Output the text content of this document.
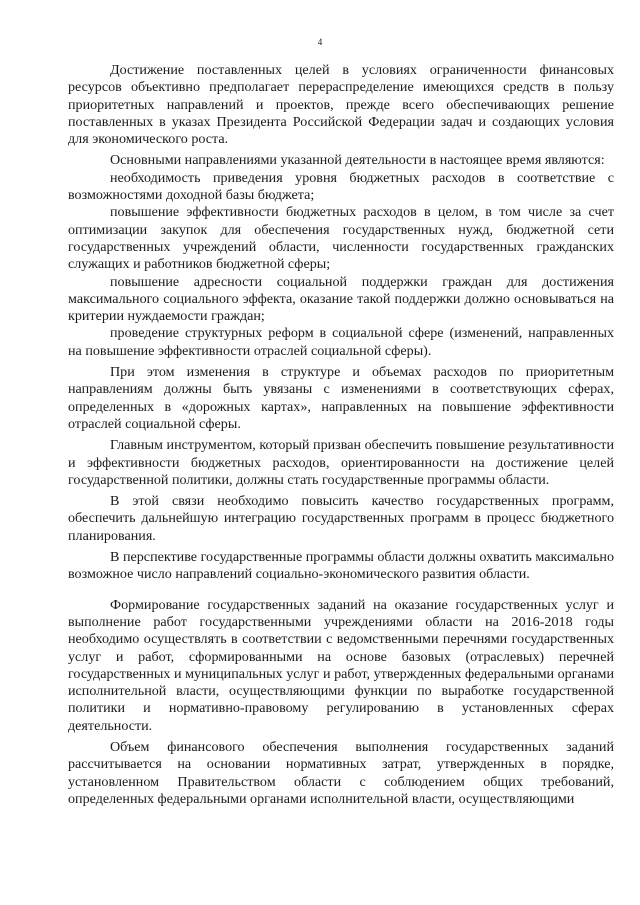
4

Достижение поставленных целей в условиях ограниченности финансовых ресурсов объективно предполагает перераспределение имеющихся средств в пользу приоритетных направлений и проектов, прежде всего обеспечивающих решение поставленных в указах Президента Российской Федерации задач и создающих условия для экономического роста.

Основными направлениями указанной деятельности в настоящее время являются:

необходимость приведения уровня бюджетных расходов в соответствие с возможностями доходной базы бюджета;

повышение эффективности бюджетных расходов в целом, в том числе за счет оптимизации закупок для обеспечения государственных нужд, бюджетной сети государственных учреждений области, численности государственных гражданских служащих и работников бюджетной сферы;

повышение адресности социальной поддержки граждан для достижения максимального социального эффекта, оказание такой поддержки должно основываться на критерии нуждаемости граждан;

проведение структурных реформ в социальной сфере (изменений, направленных на повышение эффективности отраслей социальной сферы).

При этом изменения в структуре и объемах расходов по приоритетным направлениям должны быть увязаны с изменениями в соответствующих сферах, определенных в «дорожных картах», направленных на повышение эффективности отраслей социальной сферы.

Главным инструментом, который призван обеспечить повышение результативности и эффективности бюджетных расходов, ориентированности на достижение целей государственной политики, должны стать государственные программы области.

В этой связи необходимо повысить качество государственных программ, обеспечить дальнейшую интеграцию государственных программ в процесс бюджетного планирования.

В перспективе государственные программы области должны охватить максимально возможное число направлений социально-экономического развития области.

Формирование государственных заданий на оказание государственных услуг и выполнение работ государственными учреждениями области на 2016-2018 годы необходимо осуществлять в соответствии с ведомственными перечнями государственных услуг и работ, сформированными на основе базовых (отраслевых) перечней государственных и муниципальных услуг и работ, утвержденных федеральными органами исполнительной власти, осуществляющими функции по выработке государственной политики и нормативно-правовому регулированию в установленных сферах деятельности.

Объем финансового обеспечения выполнения государственных заданий рассчитывается на основании нормативных затрат, утвержденных в порядке, установленном Правительством области с соблюдением общих требований, определенных федеральными органами исполнительной власти, осуществляющими
